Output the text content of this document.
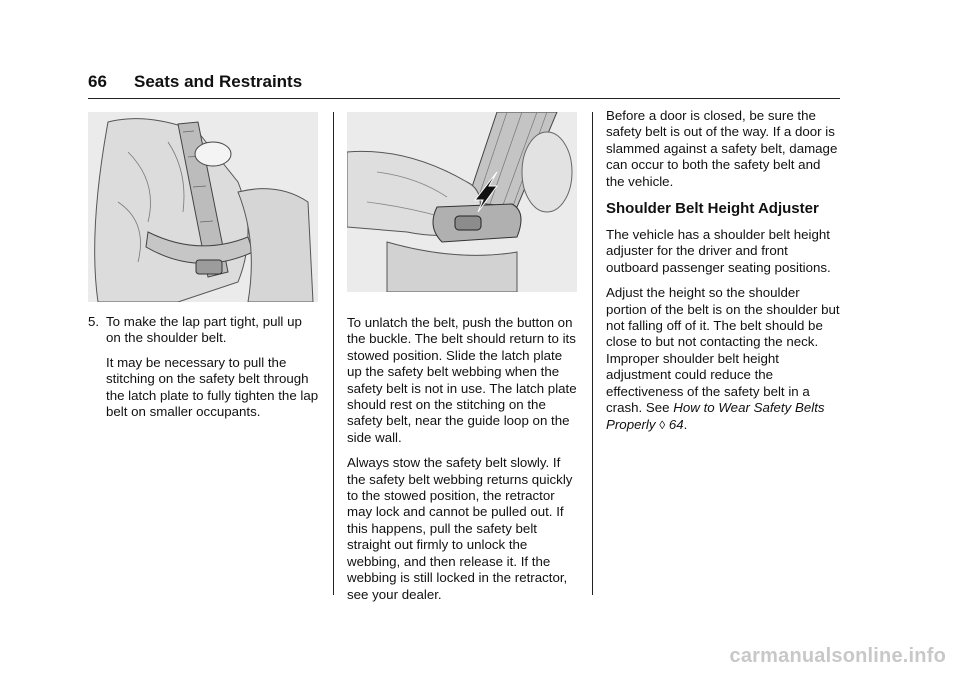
66 Seats and Restraints
5. To make the lap part tight, pull up on the shoulder belt.

It may be necessary to pull the stitching on the safety belt through the latch plate to fully tighten the lap belt on smaller occupants.

To unlatch the belt, push the button on the buckle. The belt should return to its stowed position. Slide the latch plate up the safety belt webbing when the safety belt is not in use. The latch plate should rest on the stitching on the safety belt, near the guide loop on the side wall.

Always stow the safety belt slowly. If the safety belt webbing returns quickly to the stowed position, the retractor may lock and cannot be pulled out. If this happens, pull the safety belt straight out firmly to unlock the webbing, and then release it. If the webbing is still locked in the retractor, see your dealer.

Before a door is closed, be sure the safety belt is out of the way. If a door is slammed against a safety belt, damage can occur to both the safety belt and the vehicle.

Shoulder Belt Height Adjuster

The vehicle has a shoulder belt height adjuster for the driver and front outboard passenger seating positions.

Adjust the height so the shoulder portion of the belt is on the shoulder but not falling off of it. The belt should be close to but not contacting the neck. Improper shoulder belt height adjustment could reduce the effectiveness of the safety belt in a crash. See How to Wear Safety Belts Properly ◊ 64.

carmanualsonline.info
